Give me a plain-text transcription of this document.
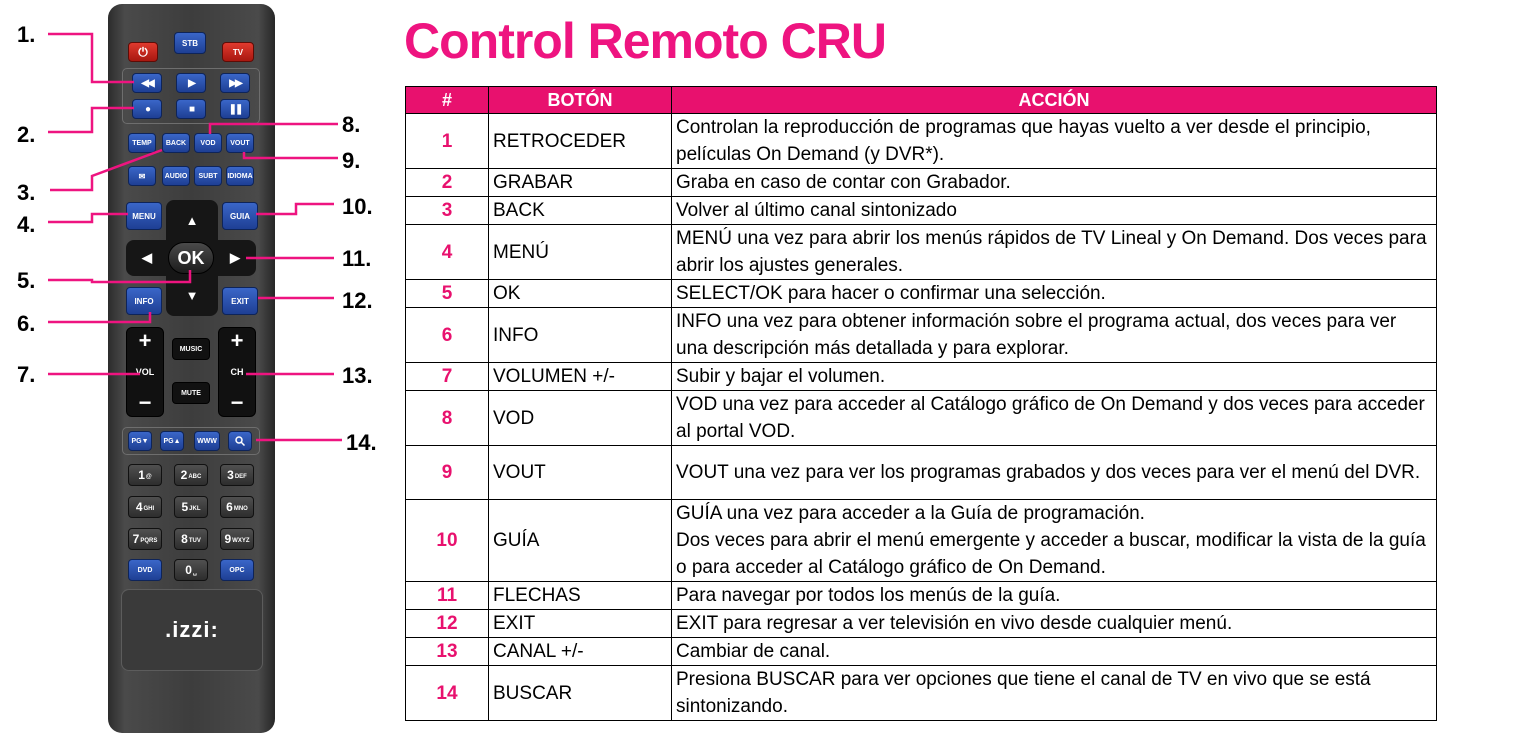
⏻
STB
TV
◀◀	▶	▶▶
●	■	❚❚
TEMP	BACK	VOD	VOUT
✉	AUDIO	SUBT	IDIOMA
MENU	GUIA
▲
▼
◀	▶
OK
INFO	EXIT
+
VOL
−
+
CH
−
MUSIC
MUTE
PG▼	PG▲	WWW
1 @ 2 ABC 3 DEF
4 GHI 5 JKL 6 MNO
7 PQRS 8 TUV 9 WXYZ
DVD	0 ␣	OPC
.izzi:
1.
2.
3.
4.
5.
6.
7.
8.
9.
10.
11.
12.
13.
14.
Control Remoto CRU
#	BOTÓN	ACCIÓN
1	RETROCEDER	Controlan la reproducción de programas que hayas vuelto a ver desde el principio, películas On Demand (y DVR*).
2	GRABAR	Graba en caso de contar con Grabador.
3	BACK	Volver al último canal sintonizado
4	MENÚ	MENÚ una vez para abrir los menús rápidos de TV Lineal y On Demand. Dos veces para abrir los ajustes generales.
5	OK	SELECT/OK para hacer o confirmar una selección.
6	INFO	INFO una vez para obtener información sobre el programa actual, dos veces para ver una descripción más detallada y para explorar.
7	VOLUMEN +/-	Subir y bajar el volumen.
8	VOD	VOD una vez para acceder al Catálogo gráfico de On Demand y dos veces para acceder al portal VOD.
9	VOUT	VOUT una vez para ver los programas grabados y dos veces para ver el menú del DVR.
10	GUÍA	GUÍA una vez para acceder a la Guía de programación.
Dos veces para abrir el menú emergente y acceder a buscar, modificar la vista de la guía o para acceder al Catálogo gráfico de On Demand.
11	FLECHAS	Para navegar por todos los menús de la guía.
12	EXIT	EXIT para regresar a ver televisión en vivo desde cualquier menú.
13	CANAL +/-	Cambiar de canal.
14	BUSCAR	Presiona BUSCAR para ver opciones que tiene el canal de TV en vivo que se está sintonizando.
